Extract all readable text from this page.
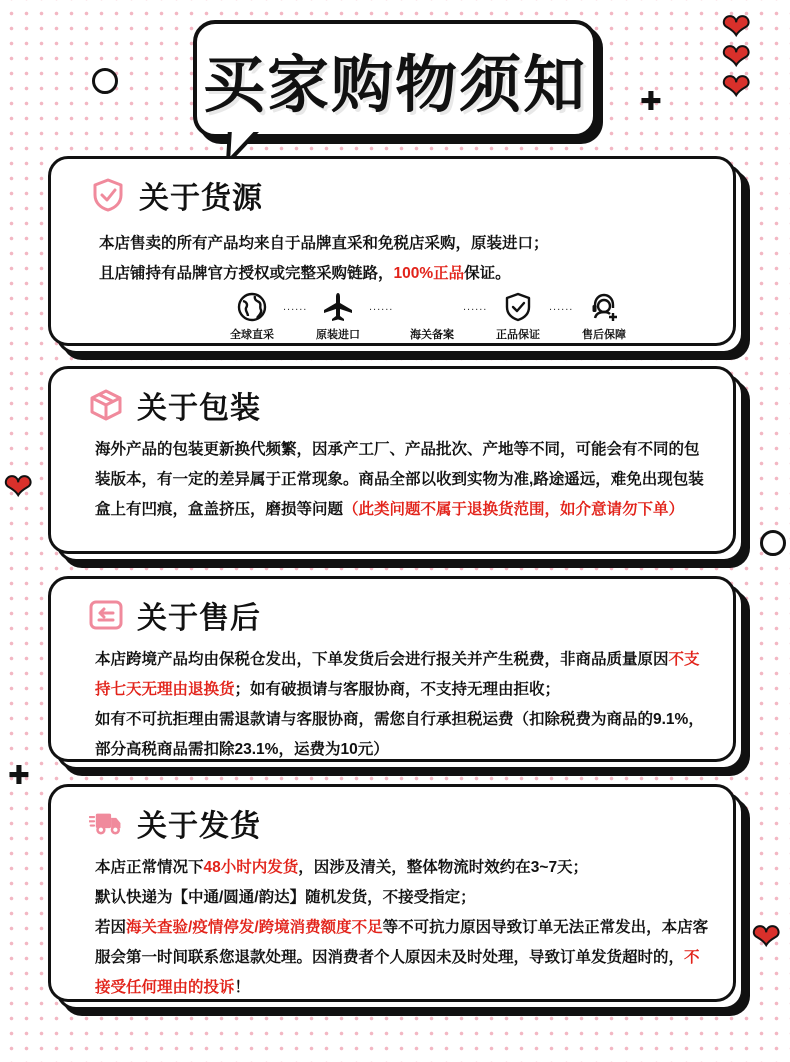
✚
❤
❤
❤
❤
✚
❤
买家购物须知
关于货源
本店售卖的所有产品均来自于品牌直采和免税店采购，原装进口；
且店铺持有品牌官方授权或完整采购链路，100%正品保证。
全球直采
......
原装进口
......
海关备案
......
正品保证
......
售后保障
关于包装
海外产品的包装更新换代频繁，因承产工厂、产品批次、产地等不同，可能会有不同的包装版本，有一定的差异属于正常现象。商品全部以收到实物为准,路途遥远，难免出现包装盒上有凹痕，盒盖挤压，磨损等问题（此类问题不属于退换货范围，如介意请勿下单）
关于售后
本店跨境产品均由保税仓发出，下单发货后会进行报关并产生税费，非商品质量原因不支持七天无理由退换货；如有破损请与客服协商，不支持无理由拒收；
如有不可抗拒理由需退款请与客服协商，需您自行承担税运费（扣除税费为商品的9.1%，部分高税商品需扣除23.1%，运费为10元）
关于发货
本店正常情况下48小时内发货，因涉及清关，整体物流时效约在3~7天；
默认快递为【中通/圆通/韵达】随机发货，不接受指定；
若因海关查验/疫情停发/跨境消费额度不足等不可抗力原因导致订单无法正常发出，本店客服会第一时间联系您退款处理。因消费者个人原因未及时处理，导致订单发货超时的，不接受任何理由的投诉！
